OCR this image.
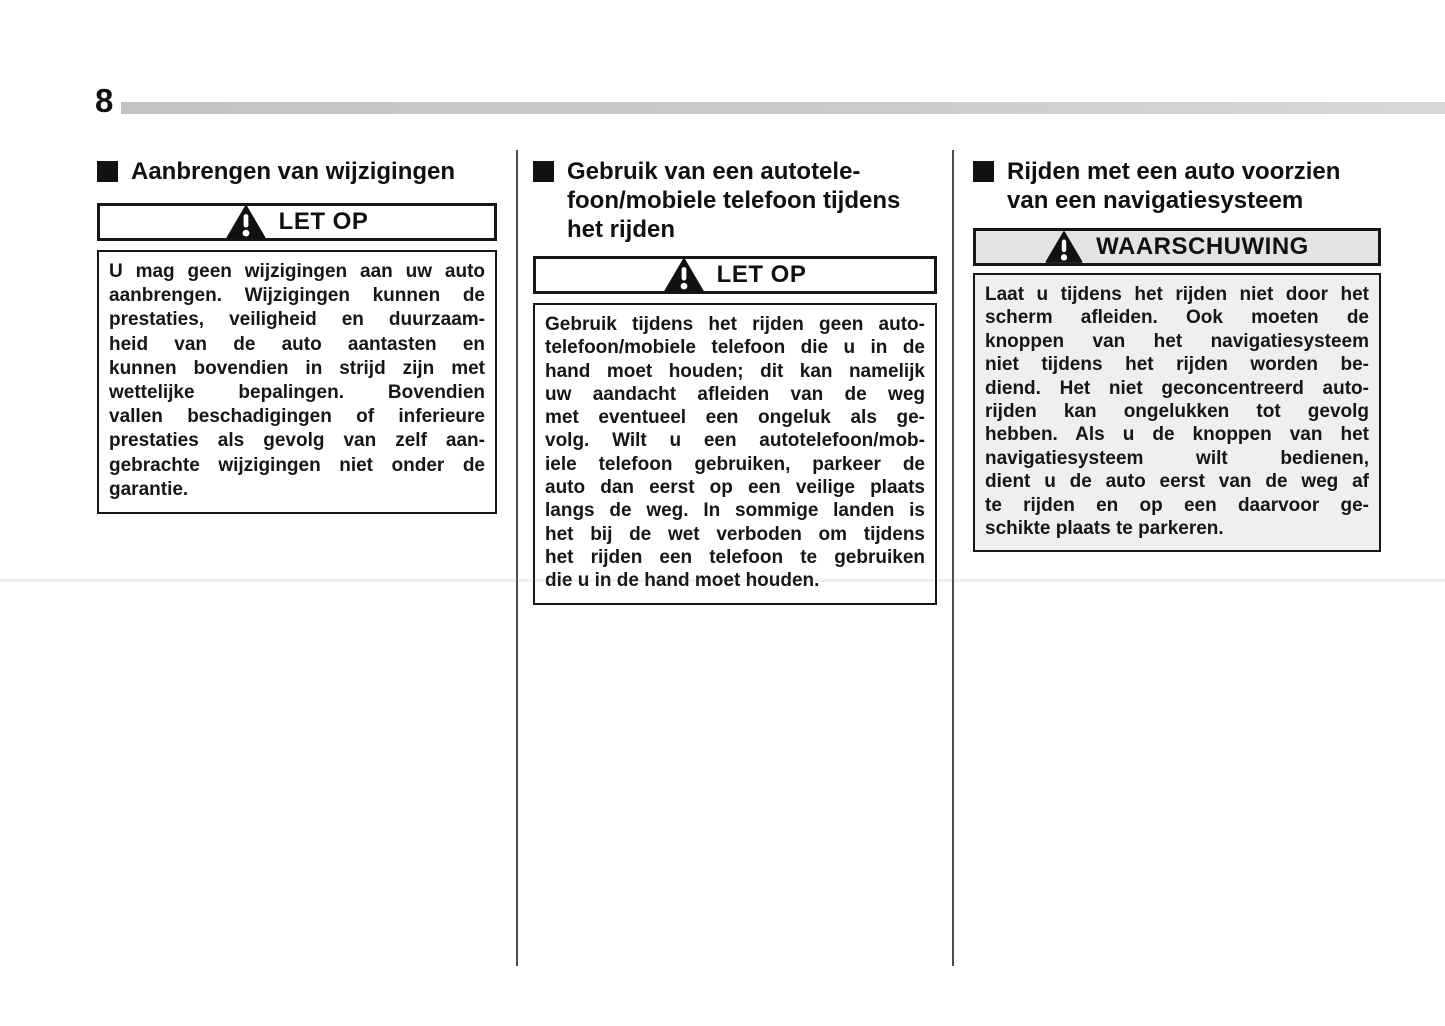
8
Aanbrengen van wijzigingen
LET OP
U mag geen wijzigingen aan uw auto
aanbrengen. Wijzigingen kunnen de
prestaties, veiligheid en duurzaam-
heid van de auto aantasten en
kunnen bovendien in strijd zijn met
wettelijke bepalingen. Bovendien
vallen beschadigingen of inferieure
prestaties als gevolg van zelf aan-
gebrachte wijzigingen niet onder de
garantie.
Gebruik van een autotele-
foon/mobiele telefoon tijdens
het rijden
LET OP
Gebruik tijdens het rijden geen auto-
telefoon/mobiele telefoon die u in de
hand moet houden; dit kan namelijk
uw aandacht afleiden van de weg
met eventueel een ongeluk als ge-
volg. Wilt u een autotelefoon/mob-
iele telefoon gebruiken, parkeer de
auto dan eerst op een veilige plaats
langs de weg. In sommige landen is
het bij de wet verboden om tijdens
het rijden een telefoon te gebruiken
die u in de hand moet houden.
Rijden met een auto voorzien
van een navigatiesysteem
WAARSCHUWING
Laat u tijdens het rijden niet door het
scherm afleiden. Ook moeten de
knoppen van het navigatiesysteem
niet tijdens het rijden worden be-
diend. Het niet geconcentreerd auto-
rijden kan ongelukken tot gevolg
hebben. Als u de knoppen van het
navigatiesysteem wilt bedienen,
dient u de auto eerst van de weg af
te rijden en op een daarvoor ge-
schikte plaats te parkeren.
